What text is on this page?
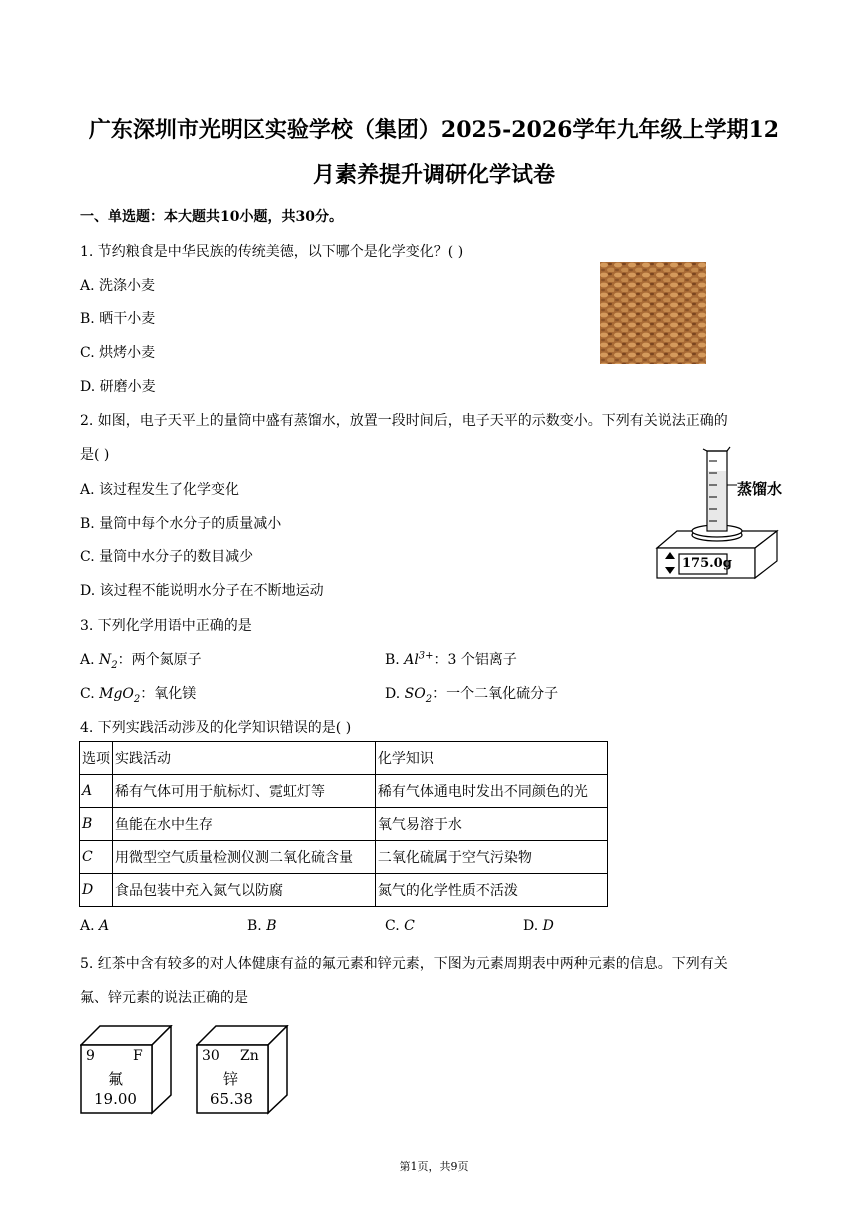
广东深圳市光明区实验学校（集团）2025-2026学年九年级上学期12
月素养提升调研化学试卷
一、单选题：本大题共10小题，共30分。
1. 节约粮食是中华民族的传统美德，以下哪个是化学变化？( )
A. 洗涤小麦
B. 晒干小麦
C. 烘烤小麦
D. 研磨小麦
2. 如图，电子天平上的量筒中盛有蒸馏水，放置一段时间后，电子天平的示数变小。下列有关说法正确的
是( )
A. 该过程发生了化学变化
B. 量筒中每个水分子的质量减小
C. 量筒中水分子的数目减少
D. 该过程不能说明水分子在不断地运动
蒸馏水
175.0g
3. 下列化学用语中正确的是
A. $N_2$：两个氮原子	B. $Al^{3+}$：3 个铝离子
C. MgO$_2$：氧化镁	D. $SO_2$：一个二氧化硫分子
4. 下列实践活动涉及的化学知识错误的是( )
选项	实践活动	化学知识
A	稀有气体可用于航标灯、霓虹灯等	稀有气体通电时发出不同颜色的光
B	鱼能在水中生存	氧气易溶于水
C	用微型空气质量检测仪测二氧化硫含量	二氧化硫属于空气污染物
D	食品包装中充入氮气以防腐	氮气的化学性质不活泼
A. A	B. B	C. C	D. D
5. 红茶中含有较多的对人体健康有益的氟元素和锌元素，下图为元素周期表中两种元素的信息。下列有关
氟、锌元素的说法正确的是
9	F
氟
19.00
30 Zn
锌
65.38
第1页，共9页
